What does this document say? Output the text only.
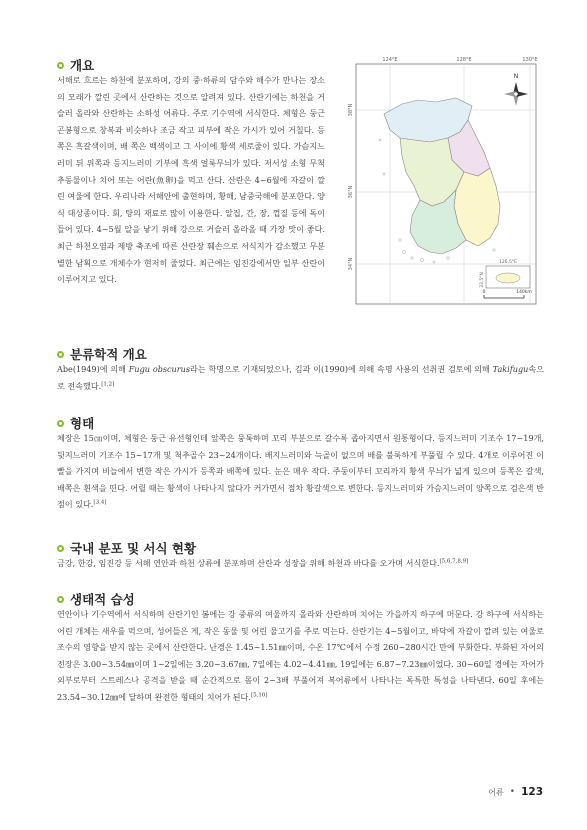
개요

서해로 흐르는 하천에 분포하며, 강의 중·하류의 담수와 해수가 만나는 장소의 모래가 깔린 곳에서 산란하는 것으로 알려져 있다. 산란기에는 하천을 거슬러 올라와 산란하는 소하성 어류다. 주로 기수역에 서식한다. 체형은 둥근 곤봉형으로 창복과 비슷하나 조금 작고 피부에 작은 가시가 있어 거칠다. 등 쪽은 흑갈색이며, 배 쪽은 백색이고 그 사이에 황색 세로줄이 있다. 가슴지느러미 뒤 위쪽과 등지느러미 기부에 흑색 얼룩무늬가 있다. 저서성 소형 무척추동물이나 치어 또는 어란(魚卵)을 먹고 산다. 산란은 4~6월에 자갈이 깔린 여울에 한다. 우리나라 서해안에 출현하며, 황해, 남중국해에 분포한다. 양식 대상종이다. 회, 탕의 재료로 많이 이용한다. 알집, 간, 장, 껍질 등에 독이 들어 있다. 4~5월 알을 낳기 위해 강으로 거슬러 올라올 때 가장 맛이 좋다. 최근 하천오염과 제방 축조에 따른 산란장 훼손으로 서식지가 감소했고 무분별한 남획으로 개체수가 현저히 줄었다. 최근에는 임진강에서만 일부 산란이 이루어지고 있다.

124°E	128°E	130°E
38°N
36°N
34°N
N
126.5°E
33.5°N
0	140km
분류학적 개요

Abe(1949)에 의해 Fugu obscurus라는 학명으로 기재되었으나, 김과 이(1990)에 의해 속명 사용의 선취권 검토에 의해 Takifugu속으로 전속했다.[1,2]

형태

체장은 15㎝이며, 체형은 둥근 유선형인데 앞쪽은 뭉툭하며 꼬리 부분으로 갈수록 좁아지면서 원통형이다. 등지느러미 기조수 17~19개, 뒷지느러미 기조수 15~17개 및 척추골수 23~24개이다. 배지느러미와 늑골이 없으며 배를 불룩하게 부풀릴 수 있다. 4개로 이루어진 이빨을 가지며 비늘에서 변한 작은 가시가 등쪽과 배쪽에 있다. 눈은 매우 작다. 주둥이부터 꼬리까지 황색 무늬가 넓게 있으며 등쪽은 갈색, 배쪽은 흰색을 띤다. 어릴 때는 황색이 나타나지 않다가 커가면서 점차 황갈색으로 변한다. 등지느러미와 가슴지느러미 양쪽으로 검은색 반점이 있다.[3,4]

국내 분포 및 서식 현황

금강, 한강, 임진강 등 서해 연안과 하천 상류에 분포하며 산란과 성장을 위해 하천과 바다를 오가며 서식한다.[5,6,7,8,9]

생태적 습성

연안이나 기수역에서 서식하며 산란기인 봄에는 강 중류의 여울까지 올라와 산란하며 치어는 가을까지 하구에 머문다. 강 하구에 서식하는 어린 개체는 새우를 먹으며, 성어들은 게, 작은 동물 및 어린 물고기를 주로 먹는다. 산란기는 4~5월이고, 바닥에 자갈이 깔려 있는 여울로 조수의 영향을 받지 않는 곳에서 산란한다. 난경은 1.45~1.51㎜이며, 수온 17℃에서 수정 260~280시간 만에 부화한다. 부화된 자어의 전장은 3.00~3.54㎜이며 1~2일에는 3.20~3.67㎜, 7일에는 4.02~4.41㎜, 19일에는 6.87~7.23㎜이었다. 30~60일 경에는 자어가 외부로부터 스트레스나 공격을 받을 때 순간적으로 몸이 2~3배 부풀어져 복어류에서 나타나는 독특한 특성을 나타낸다. 60일 후에는 23.54~30.12㎜에 달하며 완전한 형태의 치어가 된다.[5,10]

어류 • 123
